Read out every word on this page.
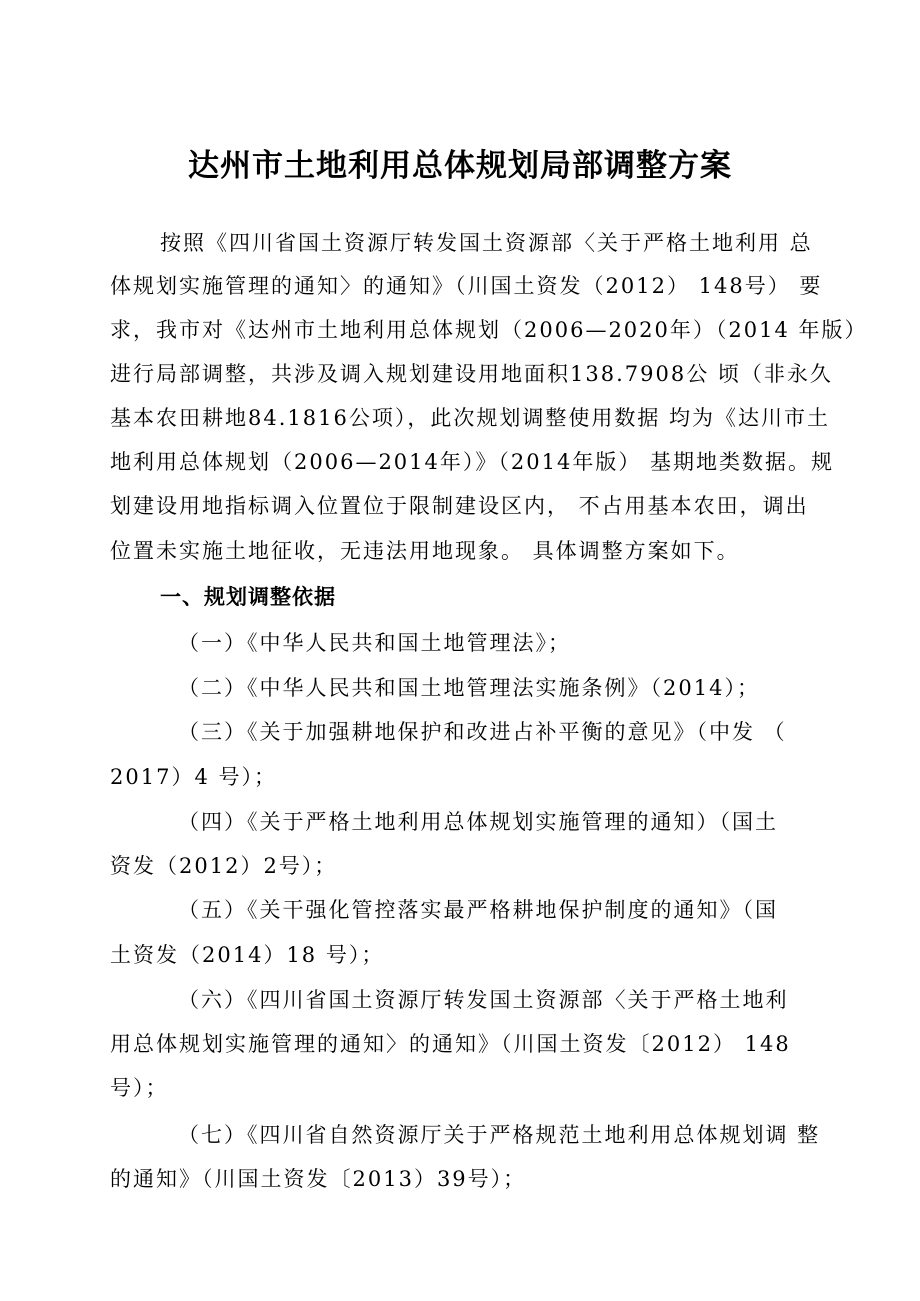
达州市土地利用总体规划局部调整方案
按照《四川省国土资源厅转发国土资源部〈关于严格土地利用 总
体规划实施管理的通知〉的通知》（川国土资发（2012） 148号） 要
求，我市对《达州市土地利用总体规划（2006—2020年）（2014 年版）
进行局部调整，共涉及调入规划建设用地面积138.7908公 顷（非永久
基本农田耕地84.1816公项），此次规划调整使用数据 均为《达川市土
地利用总体规划（2006—2014年）》（2014年版） 基期地类数据。规
划建设用地指标调入位置位于限制建设区内， 不占用基本农田，调出
位置未实施土地征收，无违法用地现象。 具体调整方案如下。
一、规划调整依据
（一）《中华人民共和国土地管理法》；
（二）《中华人民共和国土地管理法实施条例》（2014）；
（三）《关于加强耕地保护和改进占补平衡的意见》（中发 （
2017）4 号）；
（四）《关于严格土地利用总体规划实施管理的通知）（国土
资发（2012）2号）；
（五）《关干强化管控落实最严格耕地保护制度的通知》（国
土资发（2014）18 号）；
（六）《四川省国土资源厅转发国土资源部〈关于严格土地利
用总体规划实施管理的通知〉的通知》（川国土资发〔2012） 148
号）；
（七）《四川省自然资源厅关于严格规范土地利用总体规划调 整
的通知》（川国土资发〔2013）39号）；
